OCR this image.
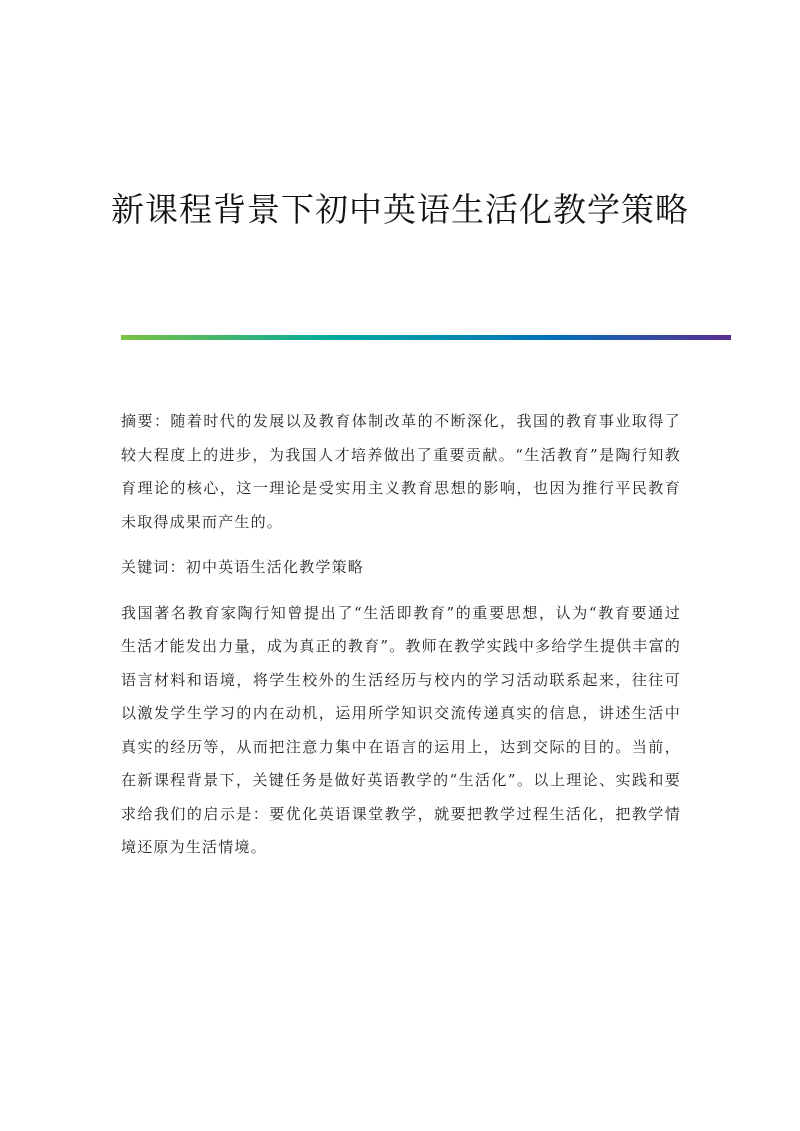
新课程背景下初中英语生活化教学策略

摘要：随着时代的发展以及教育体制改革的不断深化，我国的教育事业取得了较大程度上的进步，为我国人才培养做出了重要贡献。“生活教育”是陶行知教育理论的核心，这一理论是受实用主义教育思想的影响，也因为推行平民教育未取得成果而产生的。

关键词：初中英语生活化教学策略

我国著名教育家陶行知曾提出了“生活即教育”的重要思想，认为“教育要通过生活才能发出力量，成为真正的教育”。教师在教学实践中多给学生提供丰富的语言材料和语境，将学生校外的生活经历与校内的学习活动联系起来，往往可以激发学生学习的内在动机，运用所学知识交流传递真实的信息，讲述生活中真实的经历等，从而把注意力集中在语言的运用上，达到交际的目的。当前，在新课程背景下，关键任务是做好英语教学的“生活化”。以上理论、实践和要求给我们的启示是：要优化英语课堂教学，就要把教学过程生活化，把教学情境还原为生活情境。
